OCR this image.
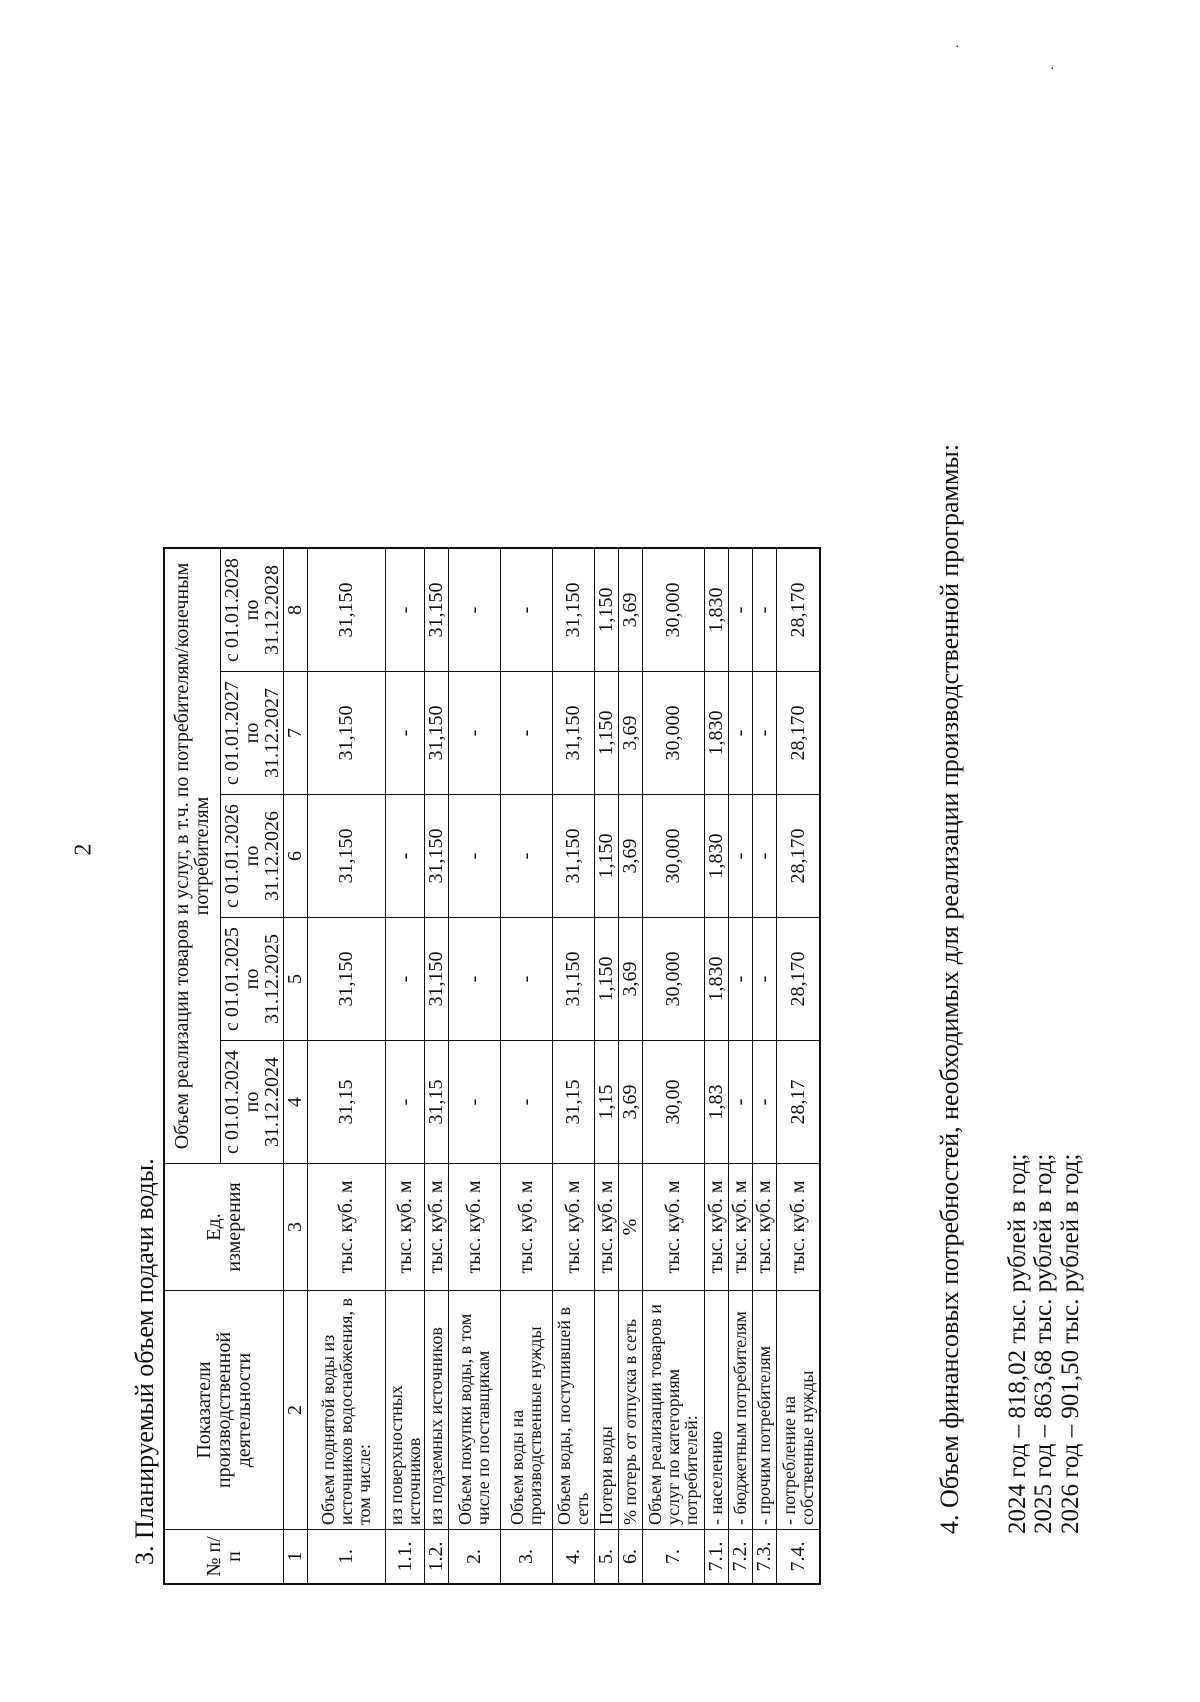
2
·
·
3. Планируемый объем подачи воды. № п/п	Показатели производственной деятельности	Ед. измерения	Объем реализации товаров и услуг, в т.ч. по потребителям/конечным потребителям				
			с 01.01.2024 по 31.12.2024	с 01.01.2025 по 31.12.2025	с 01.01.2026 по 31.12.2026	с 01.01.2027 по 31.12.2027	с 01.01.2028 по 31.12.2028
1	2	3	4	5	6	7	8
1.	Объем поднятой воды из источников водоснабжения, в том числе:	тыс. куб. м	31,15	31,150	31,150	31,150	31,150
1.1.	из поверхностных источников	тыс. куб. м	-	-	-	-	-
1.2.	из подземных источников	тыс. куб. м	31,15	31,150	31,150	31,150	31,150
2.	Объем покупки воды, в том числе по поставщикам	тыс. куб. м	-	-	-	-	-
3.	Объем воды на производственные нужды	тыс. куб. м	-	-	-	-	-
4.	Объем воды, поступившей в сеть	тыс. куб. м	31,15	31,150	31,150	31,150	31,150
5.	Потери воды	тыс. куб. м	1,15	1,150	1,150	1,150	1,150
6.	% потерь от отпуска в сеть	%	3,69	3,69	3,69	3,69	3,69
7.	Объем реализации товаров и услуг по категориям потребителей:	тыс. куб. м	30,00	30,000	30,000	30,000	30,000
7.1.	- населению	тыс. куб. м	1,83	1,830	1,830	1,830	1,830
7.2.	- бюджетным потребителям	тыс. куб. м	-	-	-	-	-
7.3.	- прочим потребителям	тыс. куб. м	-	-	-	-	-
7.4.	- потребление на собственные нужды	тыс. куб. м	28,17	28,170	28,170	28,170	28,170	4. Объем финансовых потребностей, необходимых для реализации производственной программы: 2024 год – 818,02 тыс. рублей в год; 2025 год – 863,68 тыс. рублей в год; 2026 год – 901,50 тыс. рублей в год;
